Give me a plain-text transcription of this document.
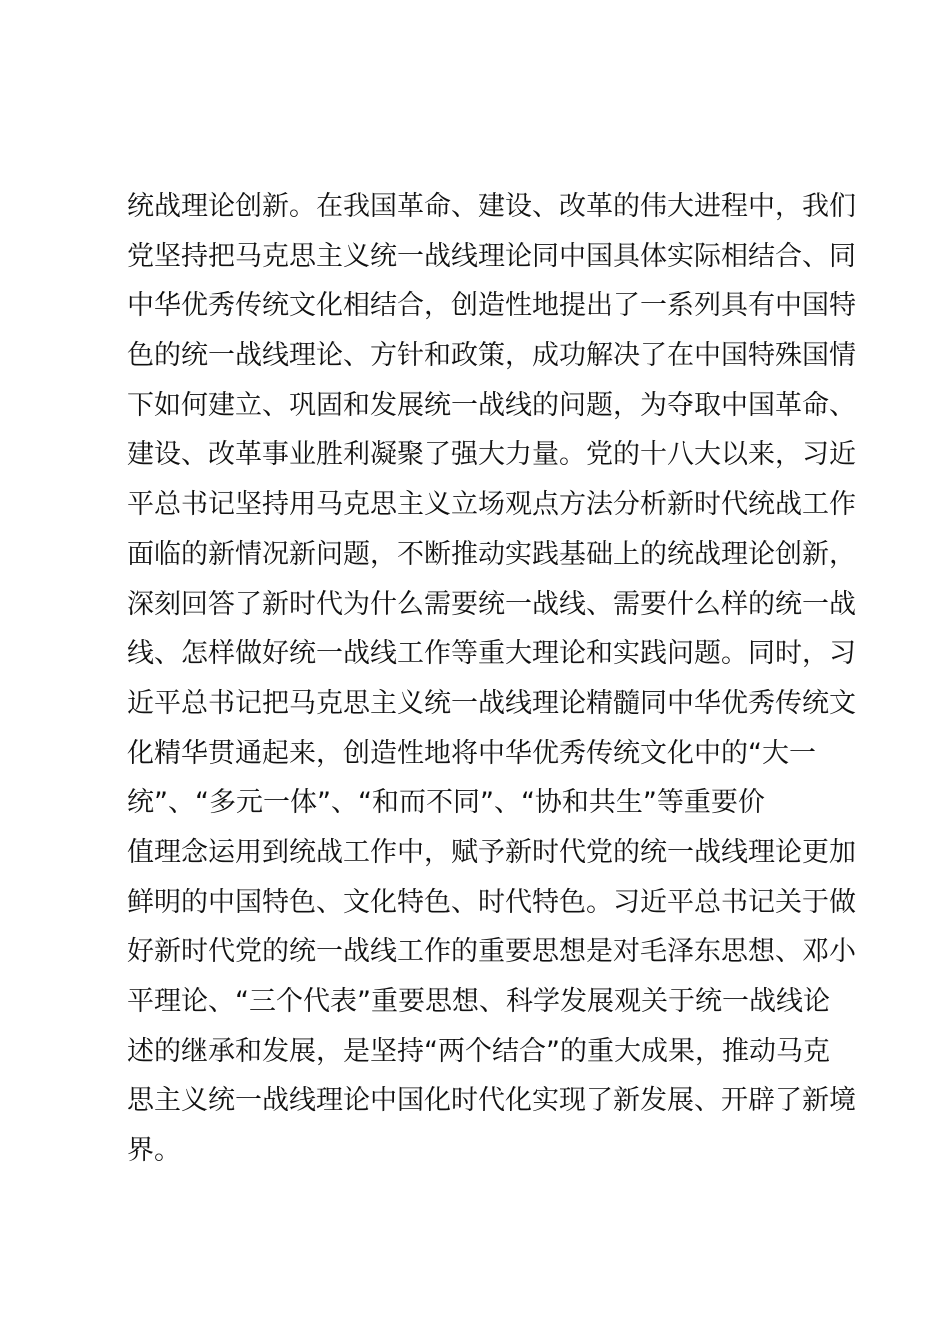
统战理论创新。在我国革命、建设、改革的伟大进程中，我们
党坚持把马克思主义统一战线理论同中国具体实际相结合、同
中华优秀传统文化相结合，创造性地提出了一系列具有中国特
色的统一战线理论、方针和政策，成功解决了在中国特殊国情
下如何建立、巩固和发展统一战线的问题，为夺取中国革命、
建设、改革事业胜利凝聚了强大力量。党的十八大以来，习近
平总书记坚持用马克思主义立场观点方法分析新时代统战工作
面临的新情况新问题，不断推动实践基础上的统战理论创新，
深刻回答了新时代为什么需要统一战线、需要什么样的统一战
线、怎样做好统一战线工作等重大理论和实践问题。同时，习
近平总书记把马克思主义统一战线理论精髓同中华优秀传统文
化精华贯通起来，创造性地将中华优秀传统文化中的“大一
统”、“多元一体”、“和而不同”、“协和共生”等重要价
值理念运用到统战工作中，赋予新时代党的统一战线理论更加
鲜明的中国特色、文化特色、时代特色。习近平总书记关于做
好新时代党的统一战线工作的重要思想是对毛泽东思想、邓小
平理论、“三个代表”重要思想、科学发展观关于统一战线论
述的继承和发展，是坚持“两个结合”的重大成果，推动马克
思主义统一战线理论中国化时代化实现了新发展、开辟了新境
界。
